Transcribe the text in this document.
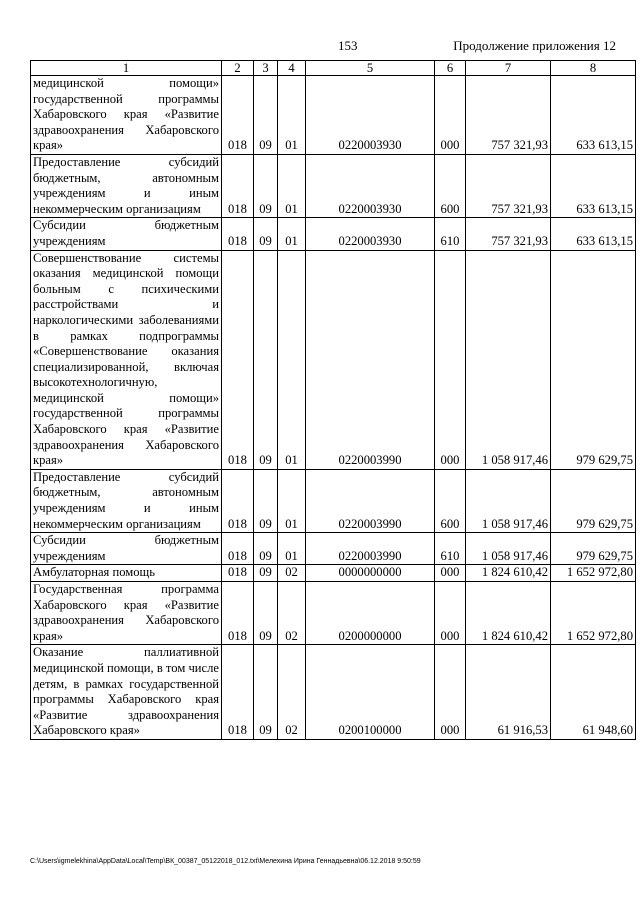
153	Продолжение приложения 12
1	2	3	4	5	6	7	8
медицинской помощи» государственной программы Хабаровского края «Развитие здравоохранения Хабаровского края»	018	09	01	0220003930	000	757 321,93	633 613,15
Предоставление субсидий бюджетным, автономным учреждениям и иным некоммерческим организациям	018	09	01	0220003930	600	757 321,93	633 613,15
Субсидии бюджетным учреждениям	018	09	01	0220003930	610	757 321,93	633 613,15
Совершенствование системы оказания медицинской помощи больным с психическими расстройствами и наркологическими заболеваниями в рамках подпрограммы «Совершенствование оказания специализированной, включая высокотехнологичную, медицинской помощи» государственной программы Хабаровского края «Развитие здравоохранения Хабаровского края»	018	09	01	0220003990	000	1 058 917,46	979 629,75
Предоставление субсидий бюджетным, автономным учреждениям и иным некоммерческим организациям	018	09	01	0220003990	600	1 058 917,46	979 629,75
Субсидии бюджетным учреждениям	018	09	01	0220003990	610	1 058 917,46	979 629,75
Амбулаторная помощь	018	09	02	0000000000	000	1 824 610,42	1 652 972,80
Государственная программа Хабаровского края «Развитие здравоохранения Хабаровского края»	018	09	02	0200000000	000	1 824 610,42	1 652 972,80
Оказание паллиативной медицинской помощи, в том числе детям, в рамках государственной программы Хабаровского края «Развитие здравоохранения Хабаровского края»	018	09	02	0200100000	000	61 916,53	61 948,60
C:\Users\igmelekhina\AppData\Local\Temp\ВК_00387_05122018_012.txt\Мелехина Ирина Геннадьевна\06.12.2018 9:50:59
